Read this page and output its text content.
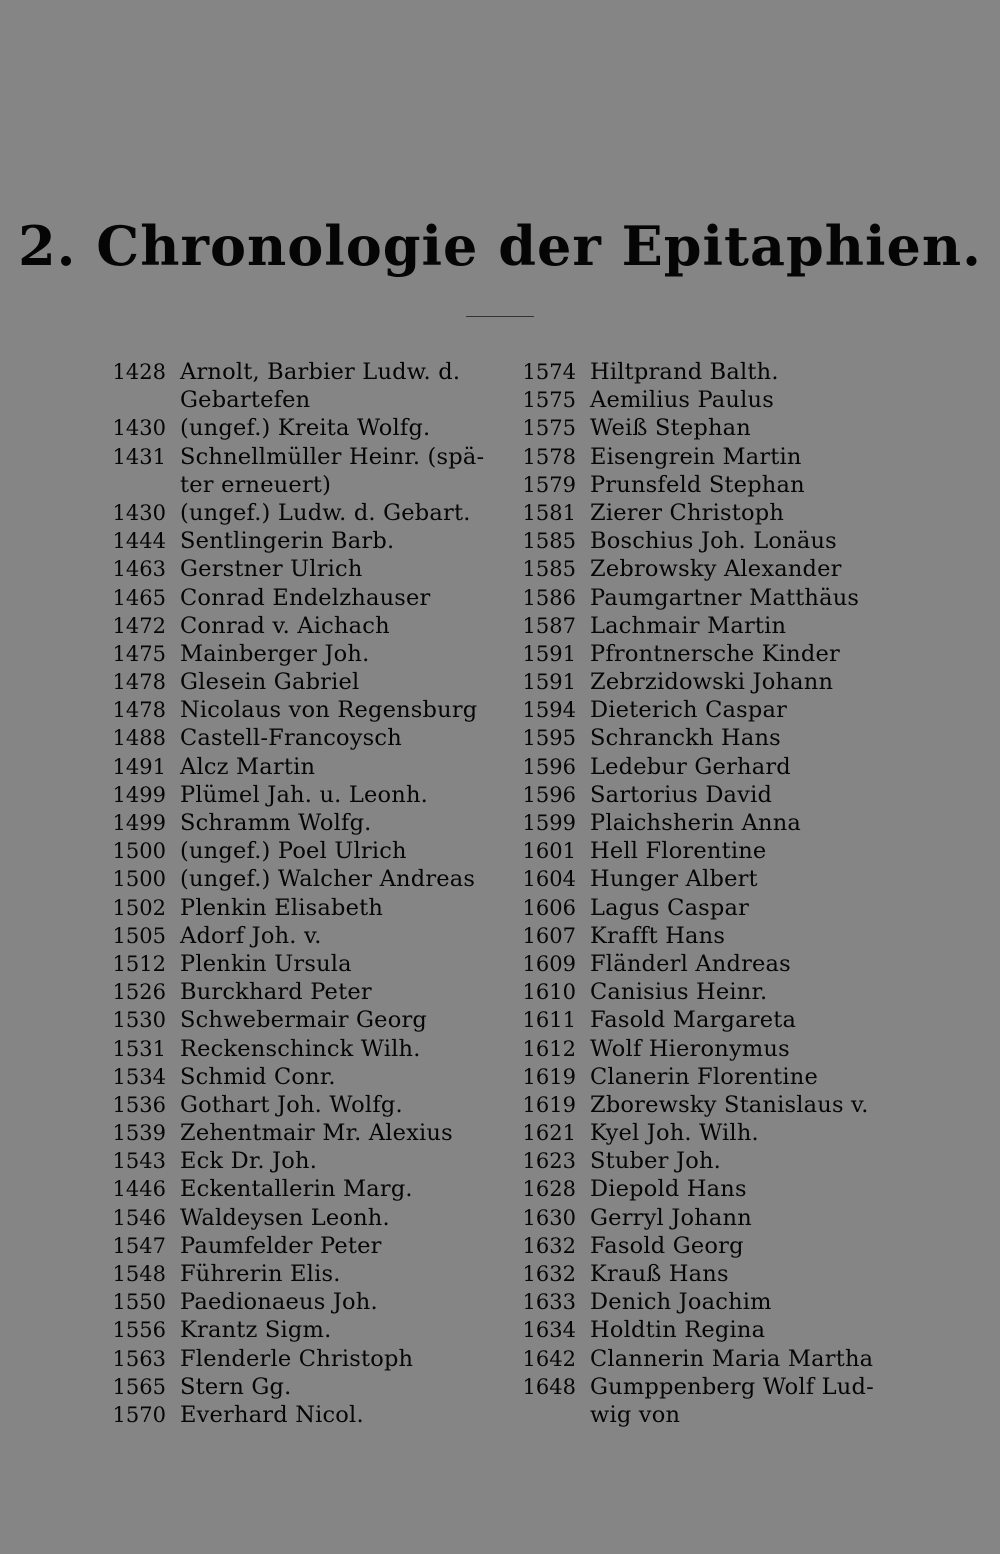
2. Chronologie der Epitaphien.
1428 Arnolt, Barbier Ludw. d.
Gebartefen
1430 (ungef.) Kreita Wolfg.
1431 Schnellmüller Heinr. (spä-
ter erneuert)
1430 (ungef.) Ludw. d. Gebart.
1444 Sentlingerin Barb.
1463 Gerstner Ulrich
1465 Conrad Endelzhauser
1472 Conrad v. Aichach
1475 Mainberger Joh.
1478 Glesein Gabriel
1478 Nicolaus von Regensburg
1488 Castell-Francoysch
1491 Alcz Martin
1499 Plümel Jah. u. Leonh.
1499 Schramm Wolfg.
1500 (ungef.) Poel Ulrich
1500 (ungef.) Walcher Andreas
1502 Plenkin Elisabeth
1505 Adorf Joh. v.
1512 Plenkin Ursula
1526 Burckhard Peter
1530 Schwebermair Georg
1531 Reckenschinck Wilh.
1534 Schmid Conr.
1536 Gothart Joh. Wolfg.
1539 Zehentmair Mr. Alexius
1543 Eck Dr. Joh.
1446 Eckentallerin Marg.
1546 Waldeysen Leonh.
1547 Paumfelder Peter
1548 Führerin Elis.
1550 Paedionaeus Joh.
1556 Krantz Sigm.
1563 Flenderle Christoph
1565 Stern Gg.
1570 Everhard Nicol.
1574 Hiltprand Balth.
1575 Aemilius Paulus
1575 Weiß Stephan
1578 Eisengrein Martin
1579 Prunsfeld Stephan
1581 Zierer Christoph
1585 Boschius Joh. Lonäus
1585 Zebrowsky Alexander
1586 Paumgartner Matthäus
1587 Lachmair Martin
1591 Pfrontnersche Kinder
1591 Zebrzidowski Johann
1594 Dieterich Caspar
1595 Schranckh Hans
1596 Ledebur Gerhard
1596 Sartorius David
1599 Plaichsherin Anna
1601 Hell Florentine
1604 Hunger Albert
1606 Lagus Caspar
1607 Krafft Hans
1609 Fländerl Andreas
1610 Canisius Heinr.
1611 Fasold Margareta
1612 Wolf Hieronymus
1619 Clanerin Florentine
1619 Zborewsky Stanislaus v.
1621 Kyel Joh. Wilh.
1623 Stuber Joh.
1628 Diepold Hans
1630 Gerryl Johann
1632 Fasold Georg
1632 Krauß Hans
1633 Denich Joachim
1634 Holdtin Regina
1642 Clannerin Maria Martha
1648 Gumppenberg Wolf Lud-
wig von
